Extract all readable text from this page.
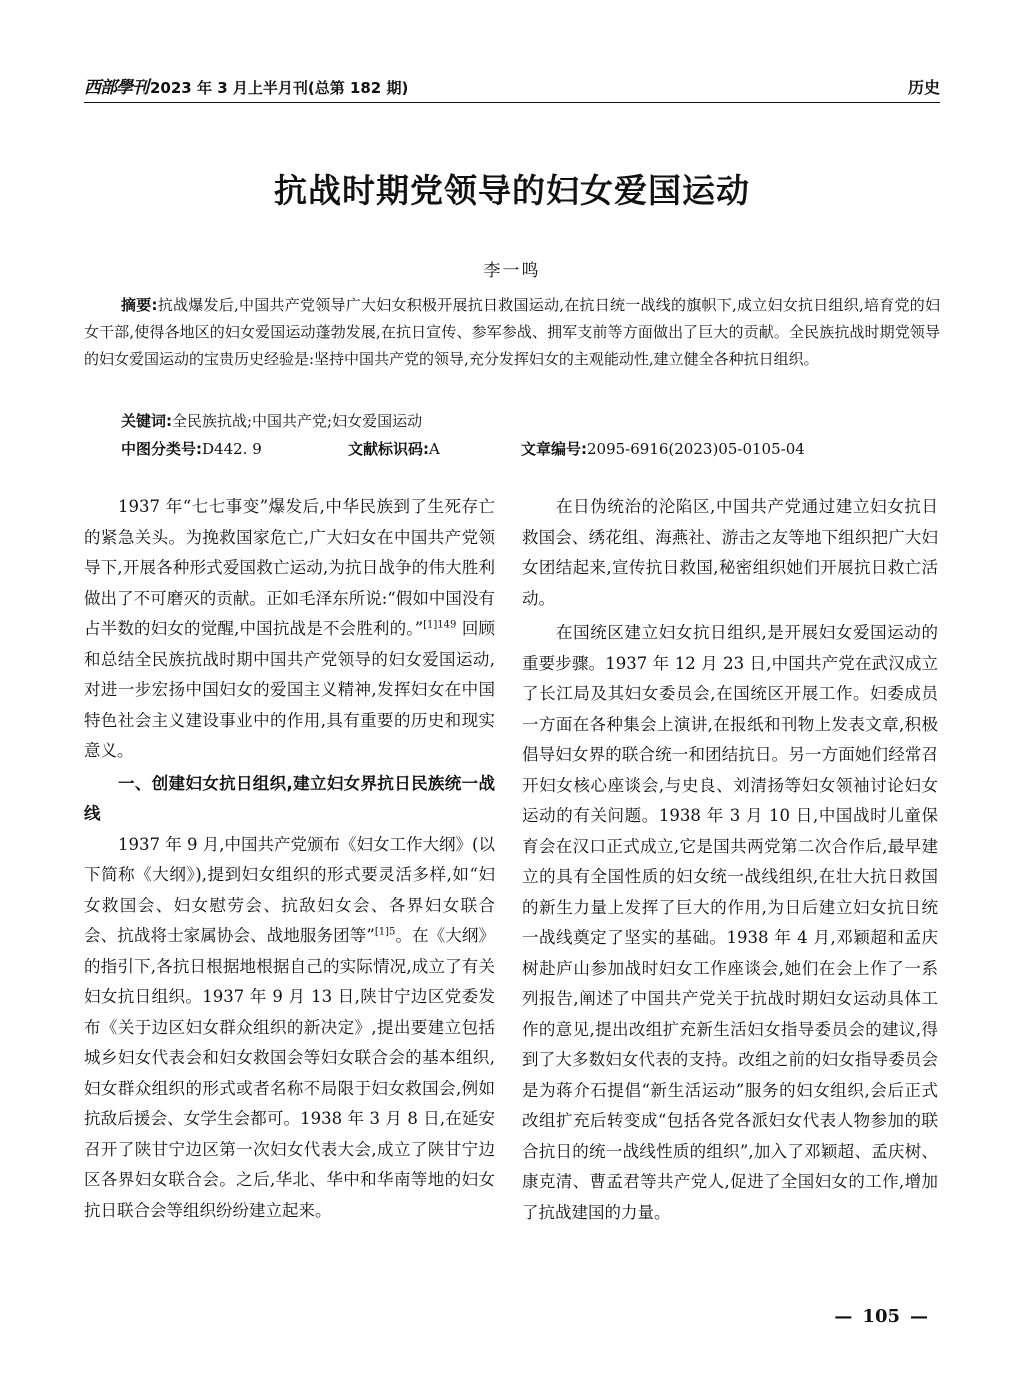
西部學刊 2023 年 3 月上半月刊(总第 182 期)	历史
抗战时期党领导的妇女爱国运动
李一鸣
摘要:抗战爆发后,中国共产党领导广大妇女积极开展抗日救国运动,在抗日统一战线的旗帜下,成立妇女抗日组织,培育党的妇女干部,使得各地区的妇女爱国运动蓬勃发展,在抗日宣传、参军参战、拥军支前等方面做出了巨大的贡献。全民族抗战时期党领导的妇女爱国运动的宝贵历史经验是:坚持中国共产党的领导,充分发挥妇女的主观能动性,建立健全各种抗日组织。
关键词:全民族抗战;中国共产党;妇女爱国运动
中图分类号:D442. 9	文献标识码:A	文章编号:2095-6916(2023)05-0105-04

1937 年“七七事变”爆发后,中华民族到了生死存亡的紧急关头。为挽救国家危亡,广大妇女在中国共产党领导下,开展各种形式爱国救亡运动,为抗日战争的伟大胜利做出了不可磨灭的贡献。正如毛泽东所说:“假如中国没有占半数的妇女的觉醒,中国抗战是不会胜利的。”$^{[1]149}$ 回顾和总结全民族抗战时期中国共产党领导的妇女爱国运动,对进一步宏扬中国妇女的爱国主义精神,发挥妇女在中国特色社会主义建设事业中的作用,具有重要的历史和现实意义。

一、创建妇女抗日组织,建立妇女界抗日民族统一战线

1937 年 9 月,中国共产党颁布《妇女工作大纲》(以下简称《大纲》),提到妇女组织的形式要灵活多样,如“妇女救国会、妇女慰劳会、抗敌妇女会、各界妇女联合会、抗战将士家属协会、战地服务团等”$^{[1]5}$。在《大纲》的指引下,各抗日根据地根据自己的实际情况,成立了有关妇女抗日组织。1937 年 9 月 13 日,陕甘宁边区党委发布《关于边区妇女群众组织的新决定》,提出要建立包括城乡妇女代表会和妇女救国会等妇女联合会的基本组织,妇女群众组织的形式或者名称不局限于妇女救国会,例如抗敌后援会、女学生会都可。1938 年 3 月 8 日,在延安召开了陕甘宁边区第一次妇女代表大会,成立了陕甘宁边区各界妇女联合会。之后,华北、华中和华南等地的妇女抗日联合会等组织纷纷建立起来。

在日伪统治的沦陷区,中国共产党通过建立妇女抗日救国会、绣花组、海燕社、游击之友等地下组织把广大妇女团结起来,宣传抗日救国,秘密组织她们开展抗日救亡活动。

在国统区建立妇女抗日组织,是开展妇女爱国运动的重要步骤。1937 年 12 月 23 日,中国共产党在武汉成立了长江局及其妇女委员会,在国统区开展工作。妇委成员一方面在各种集会上演讲,在报纸和刊物上发表文章,积极倡导妇女界的联合统一和团结抗日。另一方面她们经常召开妇女核心座谈会,与史良、刘清扬等妇女领袖讨论妇女运动的有关问题。1938 年 3 月 10 日,中国战时儿童保育会在汉口正式成立,它是国共两党第二次合作后,最早建立的具有全国性质的妇女统一战线组织,在壮大抗日救国的新生力量上发挥了巨大的作用,为日后建立妇女抗日统一战线奠定了坚实的基础。1938 年 4 月,邓颖超和孟庆树赴庐山参加战时妇女工作座谈会,她们在会上作了一系列报告,阐述了中国共产党关于抗战时期妇女运动具体工作的意见,提出改组扩充新生活妇女指导委员会的建议,得到了大多数妇女代表的支持。改组之前的妇女指导委员会是为蒋介石提倡“新生活运动”服务的妇女组织,会后正式改组扩充后转变成“包括各党各派妇女代表人物参加的联合抗日的统一战线性质的组织”,加入了邓颖超、孟庆树、康克清、曹孟君等共产党人,促进了全国妇女的工作,增加了抗战建国的力量。

— 105 —
